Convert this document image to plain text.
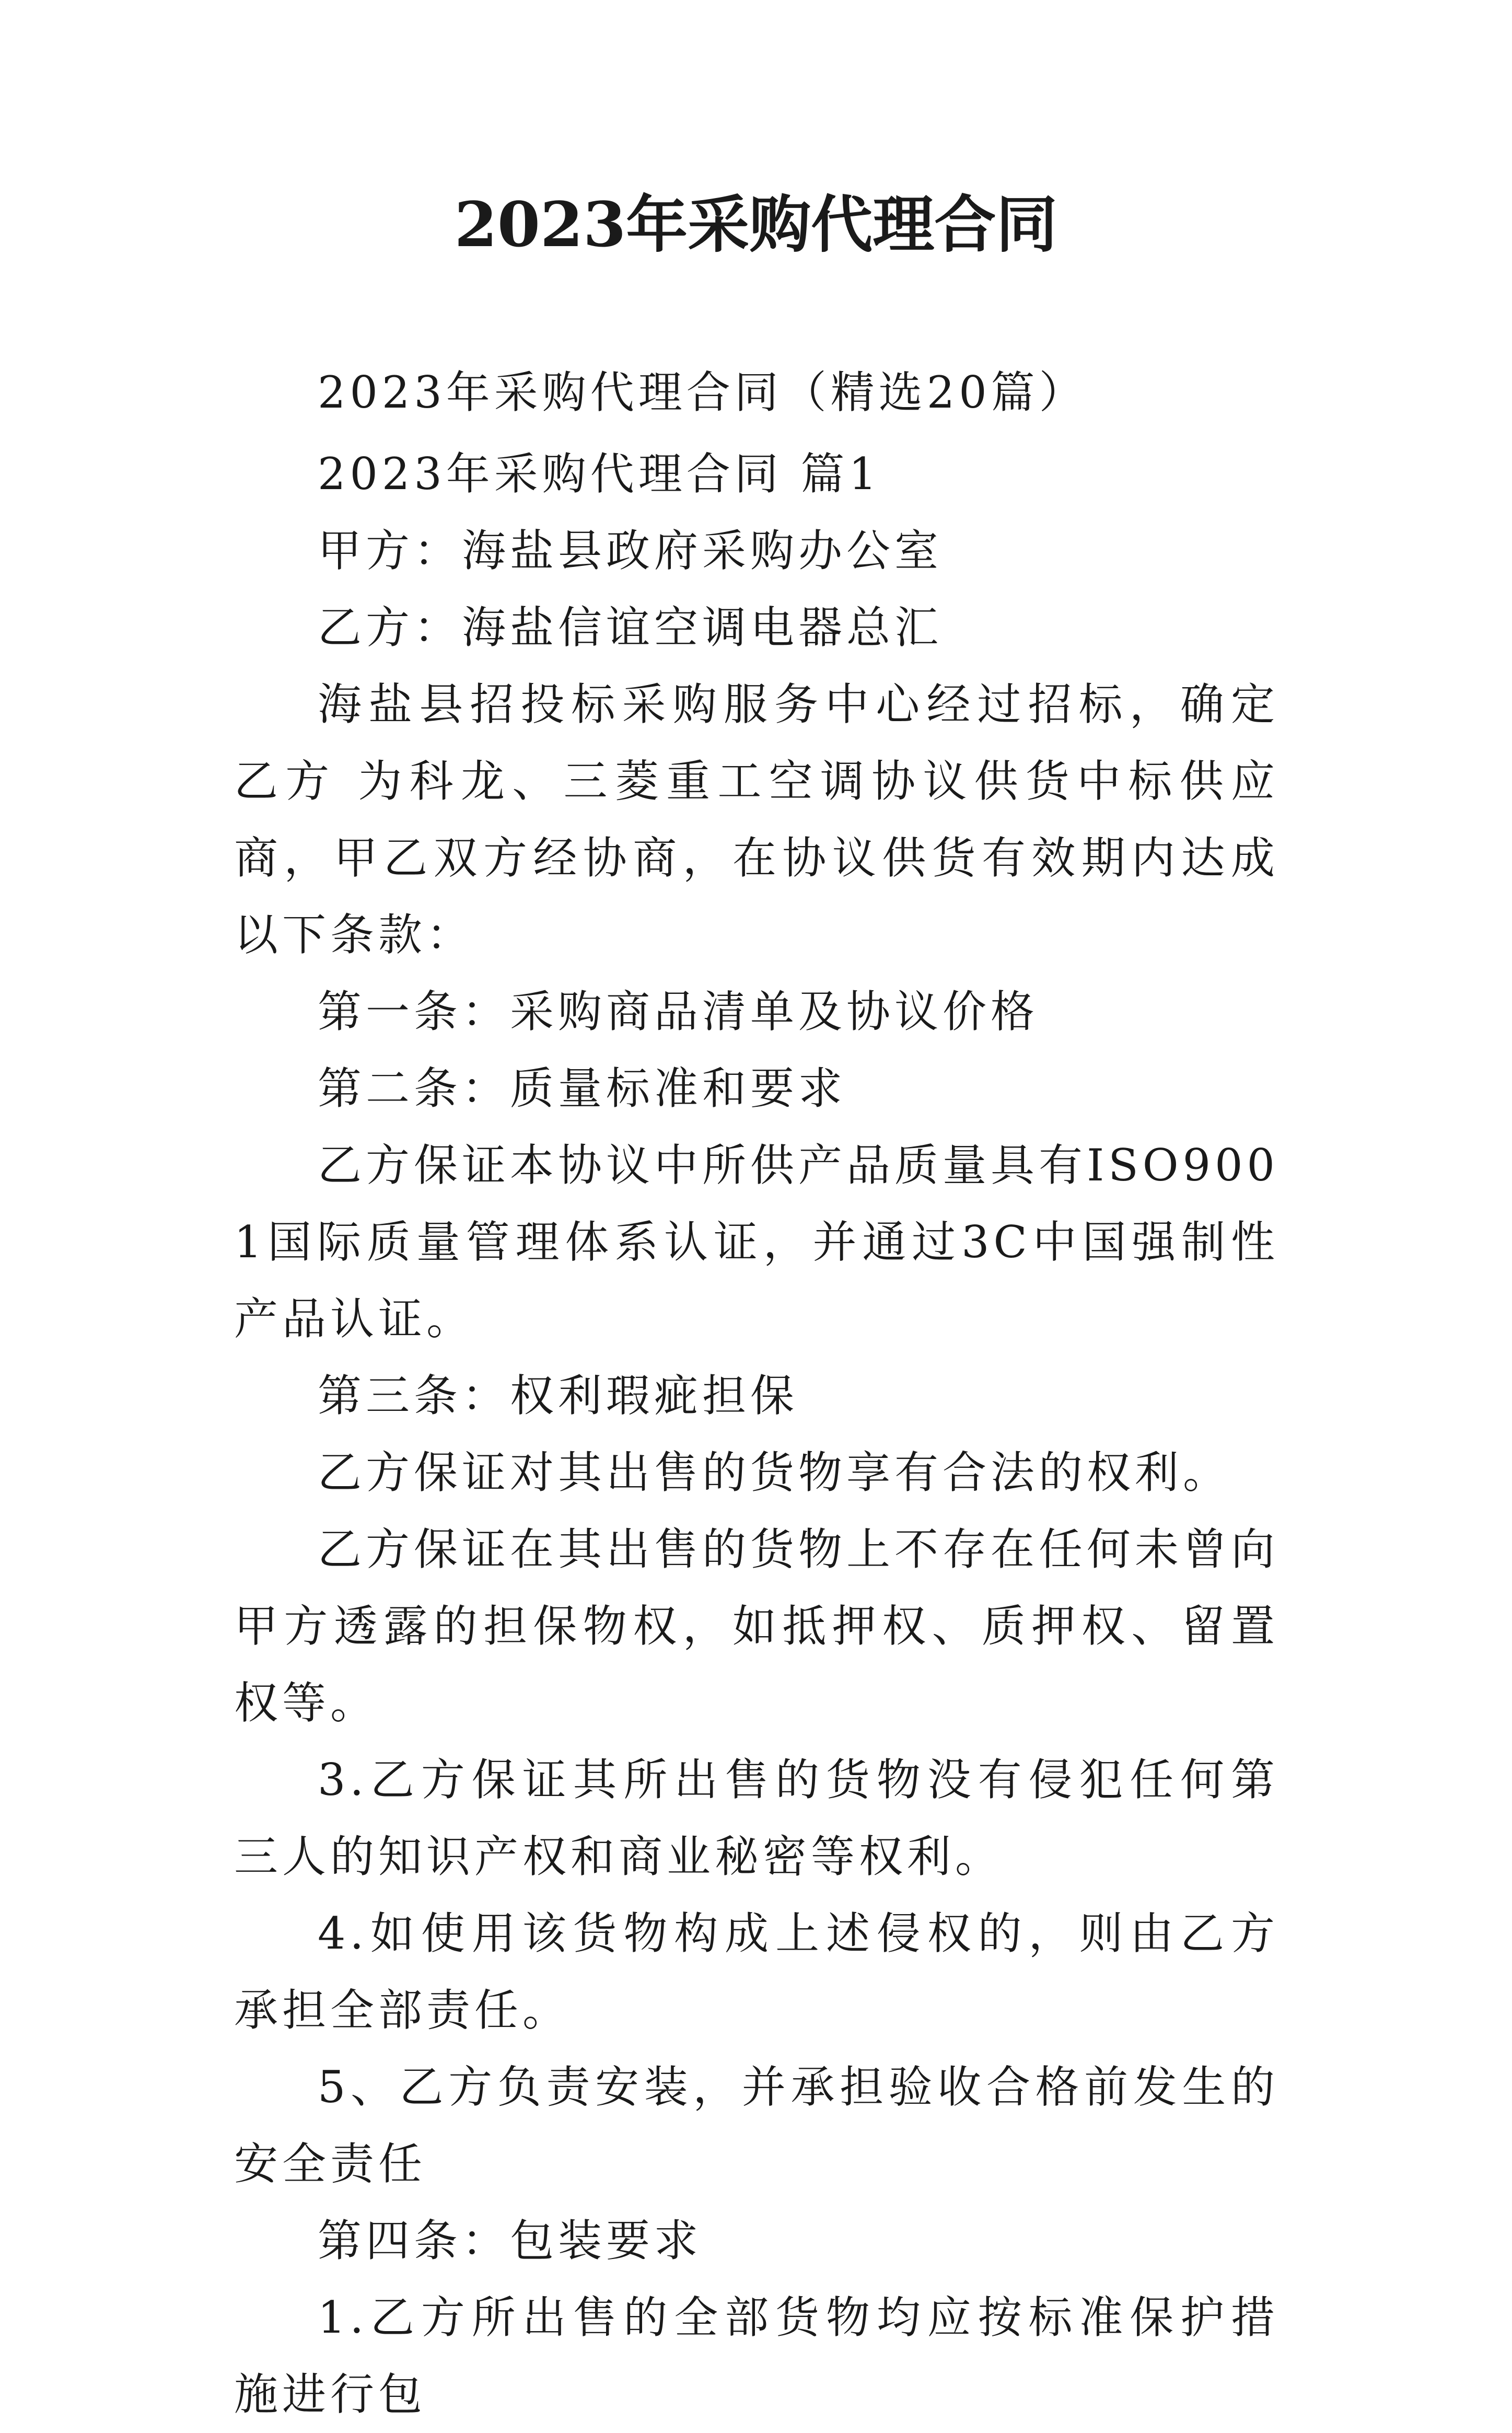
2023年采购代理合同

2023年采购代理合同（精选20篇）

2023年采购代理合同 篇1

甲方：海盐县政府采购办公室

乙方：海盐信谊空调电器总汇

海盐县招投标采购服务中心经过招标，确定 乙方 为科龙、三菱重工空调协议供货中标供应商，甲乙双方经协商，在协议供货有效期内达成以下条款：

第一条：采购商品清单及协议价格

第二条：质量标准和要求

乙方保证本协议中所供产品质量具有ISO9001国际质量管理体系认证，并通过3C中国强制性产品认证。

第三条：权利瑕疵担保

乙方保证对其出售的货物享有合法的权利。

乙方保证在其出售的货物上不存在任何未曾向甲方透露的担保物权，如抵押权、质押权、留置权等。

3.乙方保证其所出售的货物没有侵犯任何第三人的知识产权和商业秘密等权利。

4.如使用该货物构成上述侵权的，则由乙方承担全部责任。

5、乙方负责安装，并承担验收合格前发生的安全责任

第四条：包装要求

1.乙方所出售的全部货物均应按标准保护措施进行包
